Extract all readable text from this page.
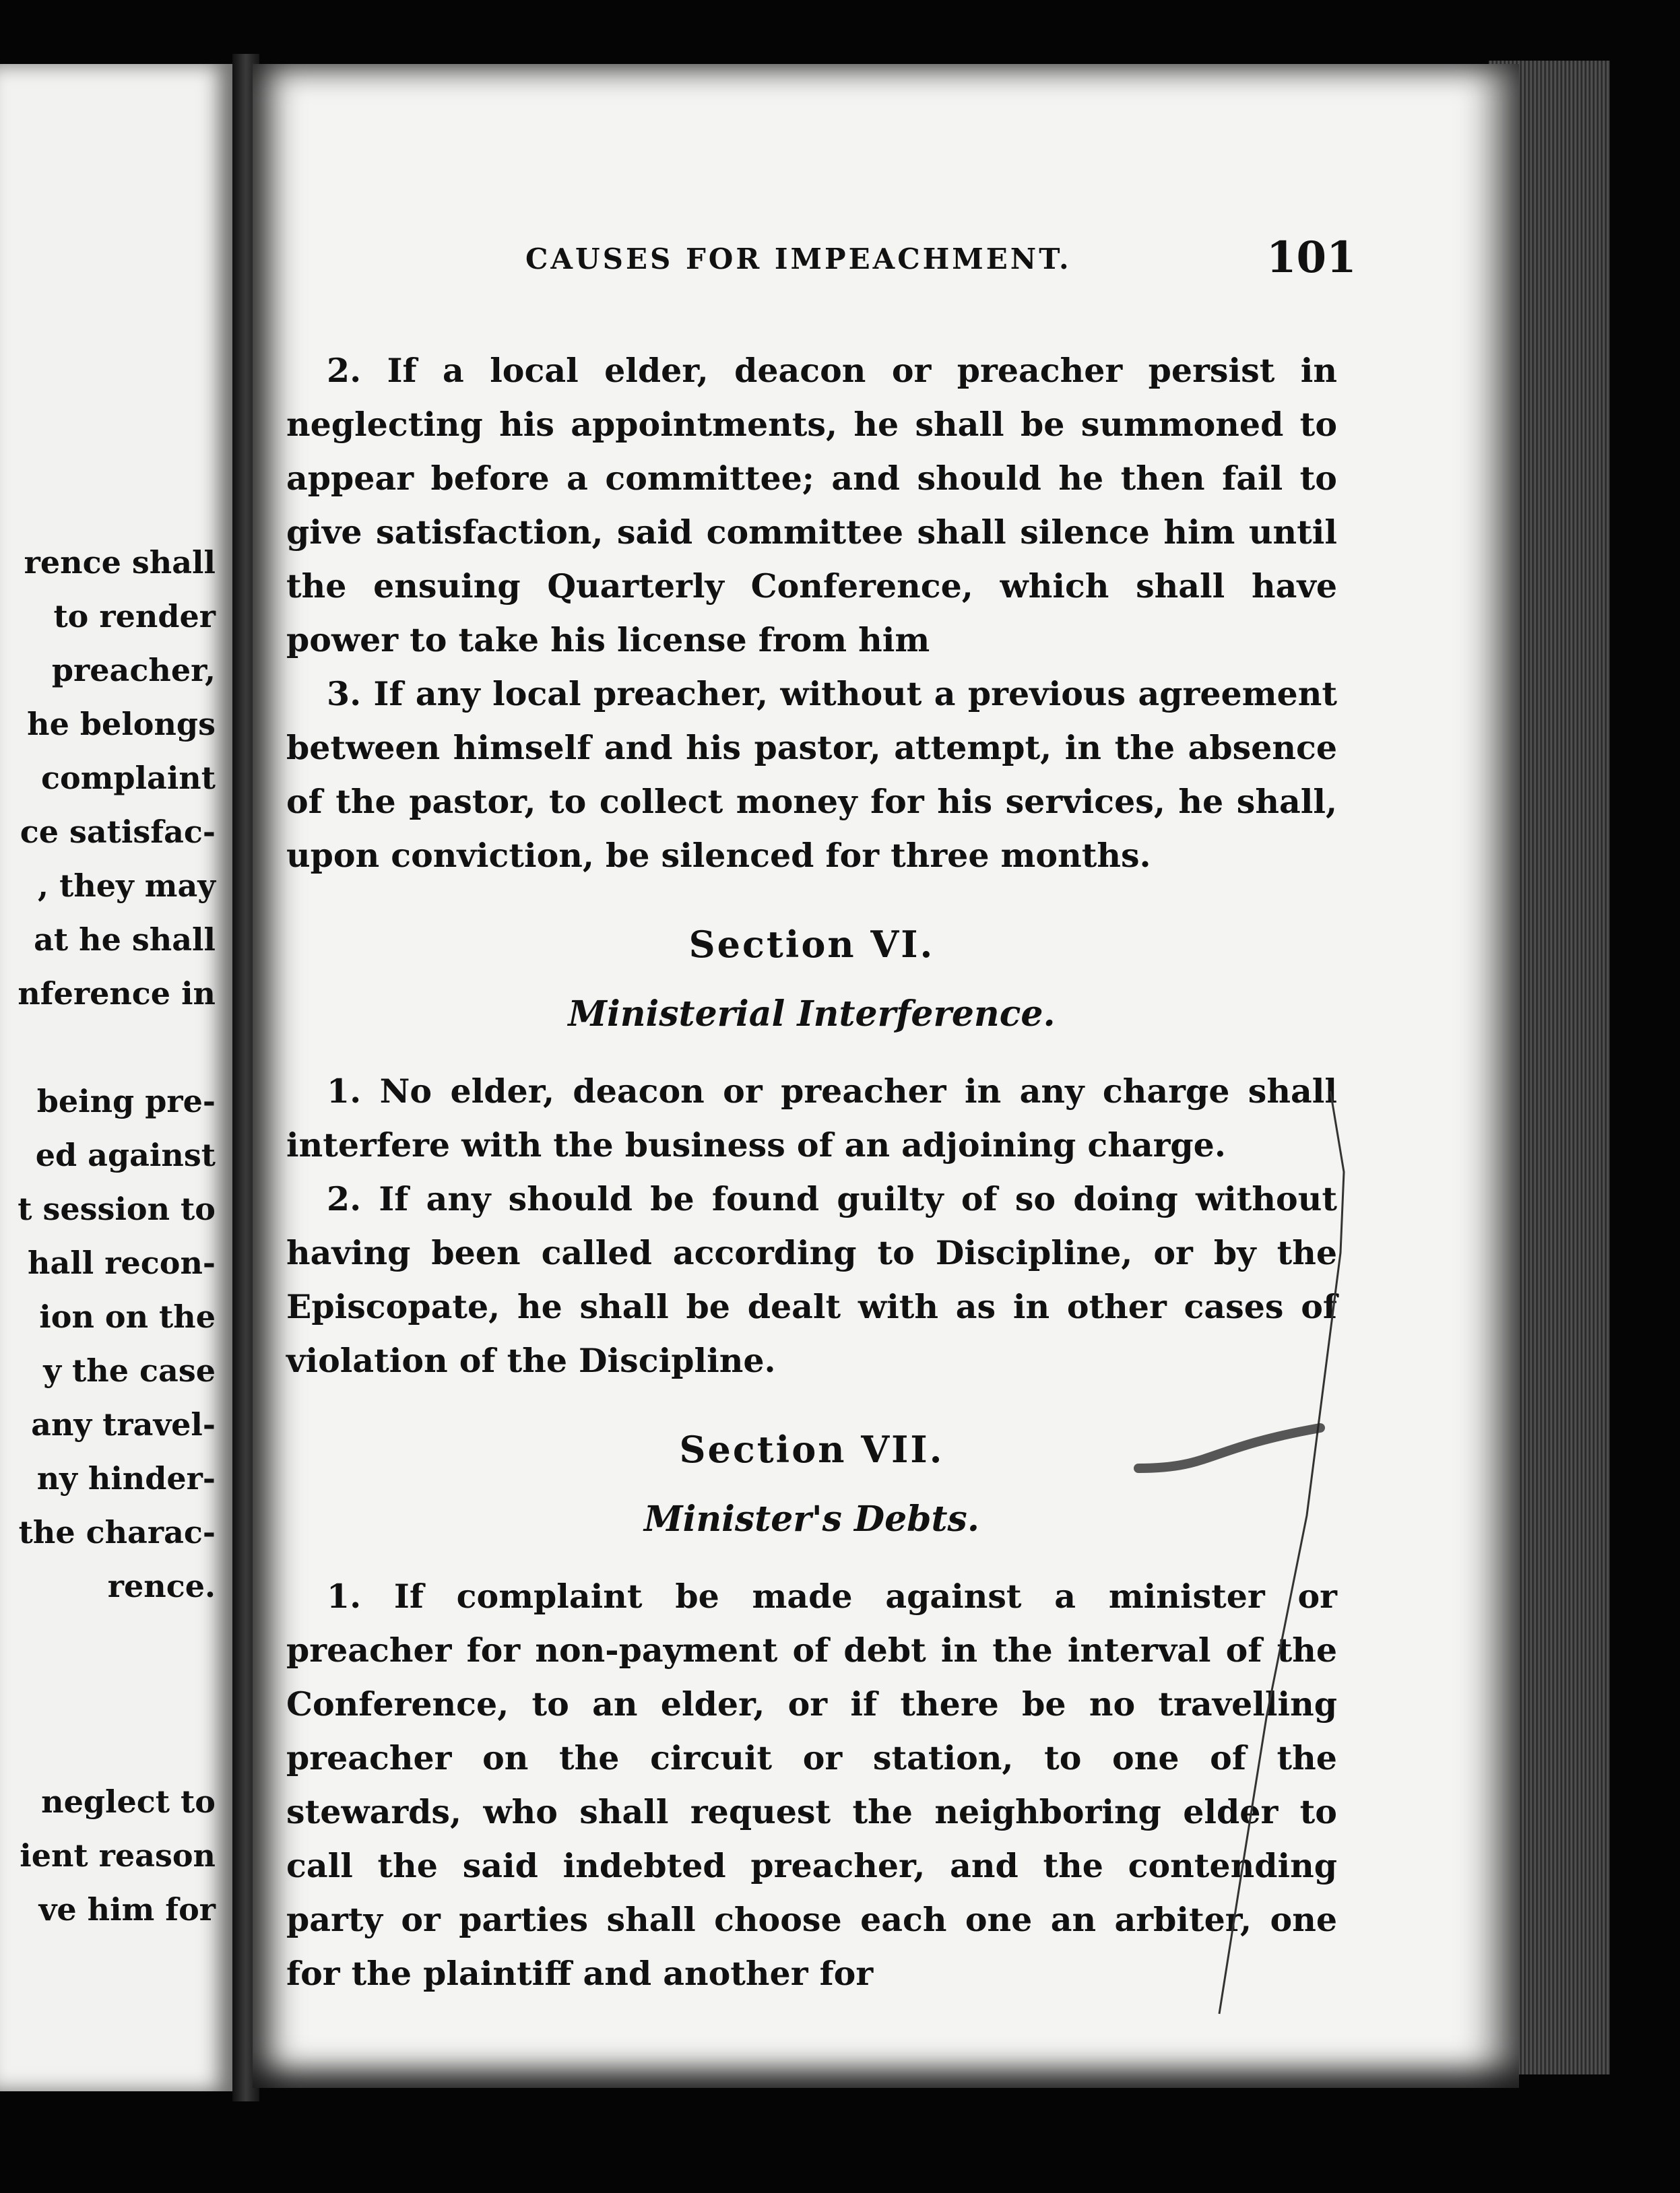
rence shall
to render
preacher,
he belongs
complaint
ce satisfac-
, they may
at he shall
nference in

being pre-
ed against
t session to
hall recon-
ion on the
y the case
any travel-
ny hinder-
the charac-
rence.

neglect to
ient reason
ve him for
CAUSES FOR IMPEACHMENT.	101

2. If a local elder, deacon or preacher persist in neglecting his appointments, he shall be summoned to appear before a committee; and should he then fail to give satisfaction, said committee shall silence him until the ensuing Quarterly Conference, which shall have power to take his license from him

3. If any local preacher, without a previous agreement between himself and his pastor, attempt, in the absence of the pastor, to collect money for his services, he shall, upon conviction, be silenced for three months.

Section VI.
Ministerial Interference.

1. No elder, deacon or preacher in any charge shall interfere with the business of an adjoining charge.

2. If any should be found guilty of so doing without having been called according to Discipline, or by the Episcopate, he shall be dealt with as in other cases of violation of the Discipline.

Section VII.
Minister's Debts.

1. If complaint be made against a minister or preacher for non-payment of debt in the interval of the Conference, to an elder, or if there be no travelling preacher on the circuit or station, to one of the stewards, who shall request the neighboring elder to call the said indebted preacher, and the contending party or parties shall choose each one an arbiter, one for the plaintiff and another for
